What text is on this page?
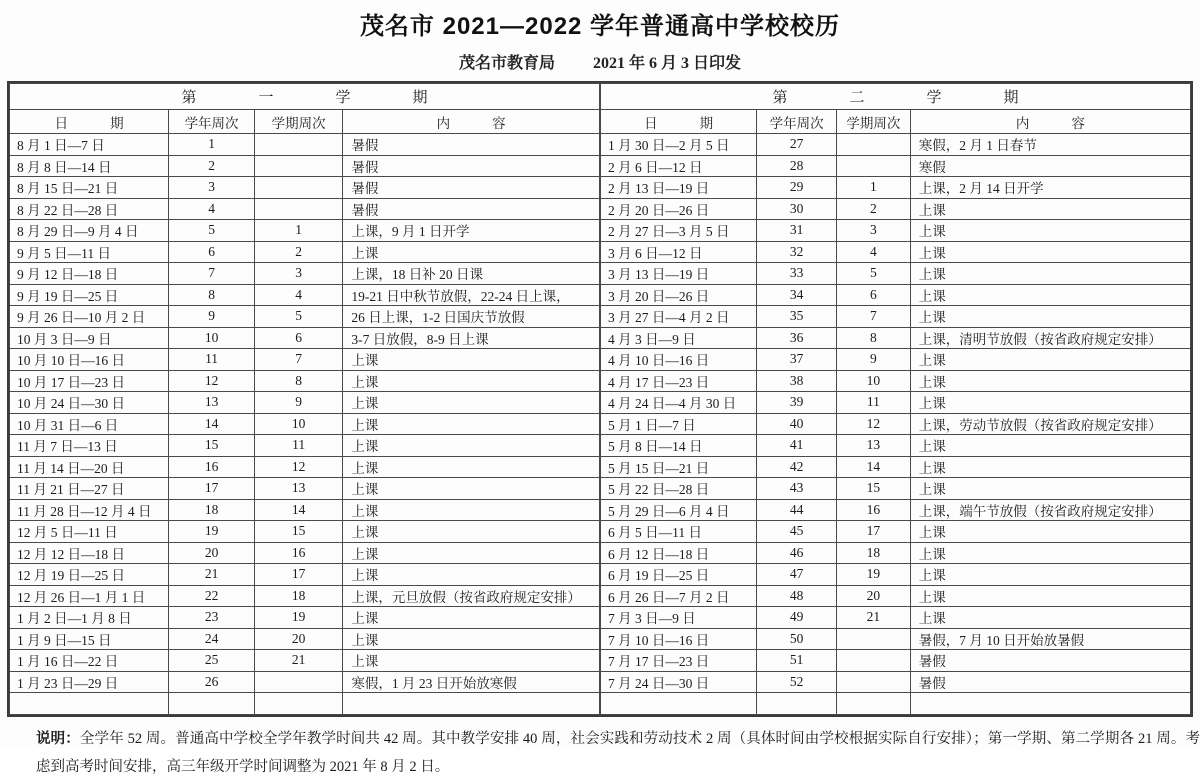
茂名市 2021—2022 学年普通高中学校校历
茂名市教育局 2021 年 6 月 3 日印发
第一学期			
日期	学年周次	学期周次	内容
8 月 1 日—7 日	1		暑假
8 月 8 日—14 日	2		暑假
8 月 15 日—21 日	3		暑假
8 月 22 日—28 日	4		暑假
8 月 29 日—9 月 4 日	5	1	上课，9 月 1 日开学
9 月 5 日—11 日	6	2	上课
9 月 12 日—18 日	7	3	上课，18 日补 20 日课
9 月 19 日—25 日	8	4	19-21 日中秋节放假，22-24 日上课，
9 月 26 日—10 月 2 日	9	5	26 日上课，1-2 日国庆节放假
10 月 3 日—9 日	10	6	3-7 日放假，8-9 日上课
10 月 10 日—16 日	11	7	上课
10 月 17 日—23 日	12	8	上课
10 月 24 日—30 日	13	9	上课
10 月 31 日—6 日	14	10	上课
11 月 7 日—13 日	15	11	上课
11 月 14 日—20 日	16	12	上课
11 月 21 日—27 日	17	13	上课
11 月 28 日—12 月 4 日	18	14	上课
12 月 5 日—11 日	19	15	上课
12 月 12 日—18 日	20	16	上课
12 月 19 日—25 日	21	17	上课
12 月 26 日—1 月 1 日	22	18	上课，元旦放假（按省政府规定安排）
1 月 2 日—1 月 8 日	23	19	上课
1 月 9 日—15 日	24	20	上课
1 月 16 日—22 日	25	21	上课
1 月 23 日—29 日	26		寒假，1 月 23 日开始放寒假

第二学期			
日期	学年周次	学期周次	内容
1 月 30 日—2 月 5 日	27		寒假，2 月 1 日春节
2 月 6 日—12 日	28		寒假
2 月 13 日—19 日	29	1	上课，2 月 14 日开学
2 月 20 日—26 日	30	2	上课
2 月 27 日—3 月 5 日	31	3	上课
3 月 6 日—12 日	32	4	上课
3 月 13 日—19 日	33	5	上课
3 月 20 日—26 日	34	6	上课
3 月 27 日—4 月 2 日	35	7	上课
4 月 3 日—9 日	36	8	上课，清明节放假（按省政府规定安排）
4 月 10 日—16 日	37	9	上课
4 月 17 日—23 日	38	10	上课
4 月 24 日—4 月 30 日	39	11	上课
5 月 1 日—7 日	40	12	上课，劳动节放假（按省政府规定安排）
5 月 8 日—14 日	41	13	上课
5 月 15 日—21 日	42	14	上课
5 月 22 日—28 日	43	15	上课
5 月 29 日—6 月 4 日	44	16	上课，端午节放假（按省政府规定安排）
6 月 5 日—11 日	45	17	上课
6 月 12 日—18 日	46	18	上课
6 月 19 日—25 日	47	19	上课
6 月 26 日—7 月 2 日	48	20	上课
7 月 3 日—9 日	49	21	上课
7 月 10 日—16 日	50		暑假，7 月 10 日开始放暑假
7 月 17 日—23 日	51		暑假
7 月 24 日—30 日	52		暑假

说明：全学年 52 周。普通高中学校全学年教学时间共 42 周。其中教学安排 40 周，社会实践和劳动技术 2 周（具体时间由学校根据实际自行安排）；第一学期、第二学期各 21 周。考虑到高考时间安排，高三年级开学时间调整为 2021 年 8 月 2 日。
